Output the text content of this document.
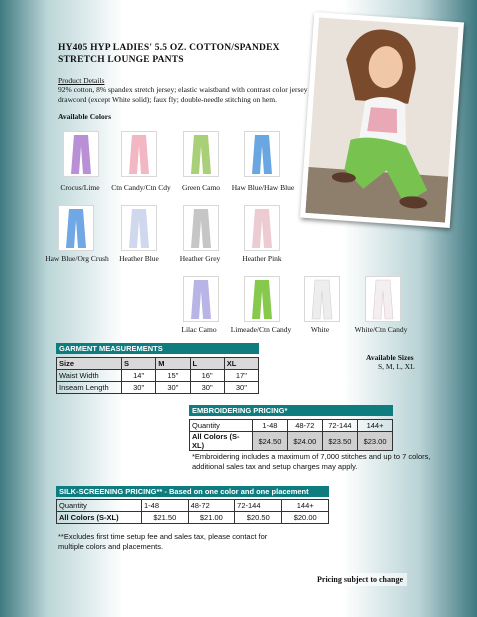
HY405 HYP LADIES' 5.5 OZ. COTTON/SPANDEX STRETCH LOUNGE PANTS
Product Details
92% cotton, 8% spandex stretch jersey; elastic waistband with contrast color jersey drawcord (except White solid); faux fly; double-needle stitching on hem.
Available Colors
Crocus/Lime	Ctn Candy/Ctn Cdy	Green Camo	Haw Blue/Haw Blue
Haw Blue/Org Crush	Heather Blue	Heather Grey	Heather Pink
Lilac Camo	Limeade/Ctn Candy	White	White/Ctn Candy
GARMENT MEASUREMENTS
Size	S	M	L	XL
Waist Width	14"	15"	16"	17"
Inseam Length	30"	30"	30"	30"
Available Sizes
S, M, L, XL
EMBROIDERING PRICING*
Quantity	1-48	48-72	72-144	144+
All Colors (S-XL)	$24.50	$24.00	$23.50	$23.00
*Embroidering includes a maximum of 7,000 stitches and up to 7 colors, additional sales tax and setup charges may apply.
SILK-SCREENING PRICING** - Based on one color and one placement
Quantity	1-48	48-72	72-144	144+
All Colors (S-XL)	$21.50	$21.00	$20.50	$20.00
**Excludes first time setup fee and sales tax, please contact for multiple colors and placements.
Pricing subject to change
